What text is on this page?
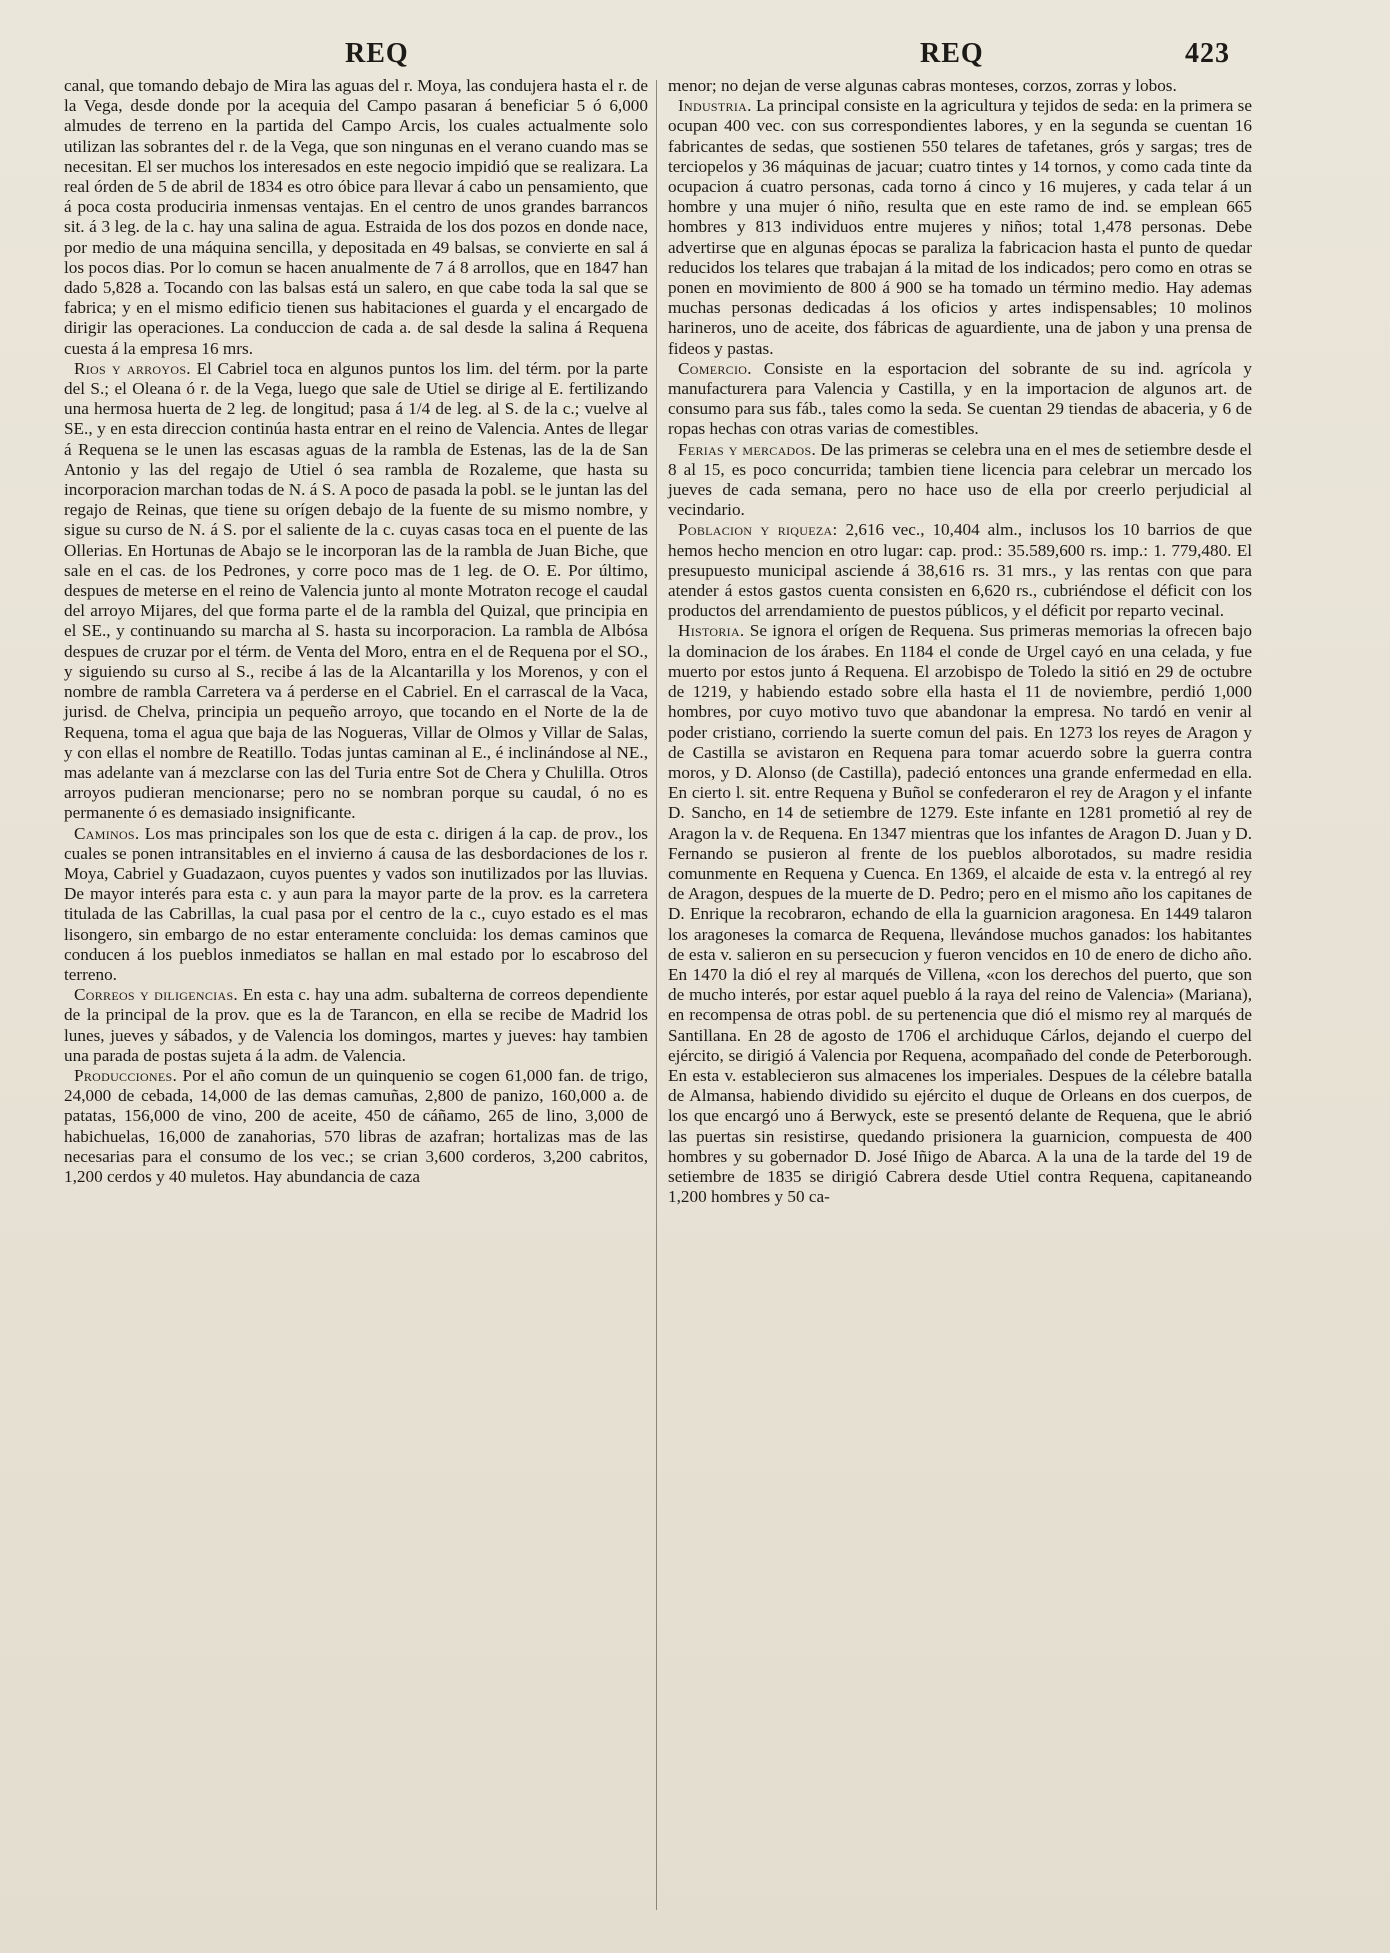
REQ	REQ	423

canal, que tomando debajo de Mira las aguas del r. Moya, las condujera hasta el r. de la Vega, desde donde por la acequia del Campo pasaran á beneficiar 5 ó 6,000 almudes de terreno en la partida del Campo Arcis, los cuales actualmente solo utilizan las sobrantes del r. de la Vega, que son ningunas en el verano cuando mas se necesitan. El ser muchos los interesados en este negocio impidió que se realizara. La real órden de 5 de abril de 1834 es otro óbice para llevar á cabo un pensamiento, que á poca costa produciria inmensas ventajas. En el centro de unos grandes barrancos sit. á 3 leg. de la c. hay una salina de agua. Estraida de los dos pozos en donde nace, por medio de una máquina sencilla, y depositada en 49 balsas, se convierte en sal á los pocos dias. Por lo comun se hacen anualmente de 7 á 8 arrollos, que en 1847 han dado 5,828 a. Tocando con las balsas está un salero, en que cabe toda la sal que se fabrica; y en el mismo edificio tienen sus habitaciones el guarda y el encargado de dirigir las operaciones. La conduccion de cada a. de sal desde la salina á Requena cuesta á la empresa 16 mrs.

Rios y arroyos. El Cabriel toca en algunos puntos los lim. del térm. por la parte del S.; el Oleana ó r. de la Vega, luego que sale de Utiel se dirige al E. fertilizando una hermosa huerta de 2 leg. de longitud; pasa á 1/4 de leg. al S. de la c.; vuelve al SE., y en esta direccion continúa hasta entrar en el reino de Valencia. Antes de llegar á Requena se le unen las escasas aguas de la rambla de Estenas, las de la de San Antonio y las del regajo de Utiel ó sea rambla de Rozaleme, que hasta su incorporacion marchan todas de N. á S. A poco de pasada la pobl. se le juntan las del regajo de Reinas, que tiene su orígen debajo de la fuente de su mismo nombre, y sigue su curso de N. á S. por el saliente de la c. cuyas casas toca en el puente de las Ollerias. En Hortunas de Abajo se le incorporan las de la rambla de Juan Biche, que sale en el cas. de los Pedrones, y corre poco mas de 1 leg. de O. E. Por último, despues de meterse en el reino de Valencia junto al monte Motraton recoge el caudal del arroyo Mijares, del que forma parte el de la rambla del Quizal, que principia en el SE., y continuando su marcha al S. hasta su incorporacion. La rambla de Albósa despues de cruzar por el térm. de Venta del Moro, entra en el de Requena por el SO., y siguiendo su curso al S., recibe á las de la Alcantarilla y los Morenos, y con el nombre de rambla Carretera va á perderse en el Cabriel. En el carrascal de la Vaca, jurisd. de Chelva, principia un pequeño arroyo, que tocando en el Norte de la de Requena, toma el agua que baja de las Nogueras, Villar de Olmos y Villar de Salas, y con ellas el nombre de Reatillo. Todas juntas caminan al E., é inclinándose al NE., mas adelante van á mezclarse con las del Turia entre Sot de Chera y Chulilla. Otros arroyos pudieran mencionarse; pero no se nombran porque su caudal, ó no es permanente ó es demasiado insignificante.

Caminos. Los mas principales son los que de esta c. dirigen á la cap. de prov., los cuales se ponen intransitables en el invierno á causa de las desbordaciones de los r. Moya, Cabriel y Guadazaon, cuyos puentes y vados son inutilizados por las lluvias. De mayor interés para esta c. y aun para la mayor parte de la prov. es la carretera titulada de las Cabrillas, la cual pasa por el centro de la c., cuyo estado es el mas lisongero, sin embargo de no estar enteramente concluida: los demas caminos que conducen á los pueblos inmediatos se hallan en mal estado por lo escabroso del terreno.

Correos y diligencias. En esta c. hay una adm. subalterna de correos dependiente de la principal de la prov. que es la de Tarancon, en ella se recibe de Madrid los lunes, jueves y sábados, y de Valencia los domingos, martes y jueves: hay tambien una parada de postas sujeta á la adm. de Valencia.

Producciones. Por el año comun de un quinquenio se cogen 61,000 fan. de trigo, 24,000 de cebada, 14,000 de las demas camuñas, 2,800 de panizo, 160,000 a. de patatas, 156,000 de vino, 200 de aceite, 450 de cáñamo, 265 de lino, 3,000 de habichuelas, 16,000 de zanahorias, 570 libras de azafran; hortalizas mas de las necesarias para el consumo de los vec.; se crian 3,600 corderos, 3,200 cabritos, 1,200 cerdos y 40 muletos. Hay abundancia de caza

menor; no dejan de verse algunas cabras monteses, corzos, zorras y lobos.

Industria. La principal consiste en la agricultura y tejidos de seda: en la primera se ocupan 400 vec. con sus correspondientes labores, y en la segunda se cuentan 16 fabricantes de sedas, que sostienen 550 telares de tafetanes, grós y sargas; tres de terciopelos y 36 máquinas de jacuar; cuatro tintes y 14 tornos, y como cada tinte da ocupacion á cuatro personas, cada torno á cinco y 16 mujeres, y cada telar á un hombre y una mujer ó niño, resulta que en este ramo de ind. se emplean 665 hombres y 813 individuos entre mujeres y niños; total 1,478 personas. Debe advertirse que en algunas épocas se paraliza la fabricacion hasta el punto de quedar reducidos los telares que trabajan á la mitad de los indicados; pero como en otras se ponen en movimiento de 800 á 900 se ha tomado un término medio. Hay ademas muchas personas dedicadas á los oficios y artes indispensables; 10 molinos harineros, uno de aceite, dos fábricas de aguardiente, una de jabon y una prensa de fideos y pastas.

Comercio. Consiste en la esportacion del sobrante de su ind. agrícola y manufacturera para Valencia y Castilla, y en la importacion de algunos art. de consumo para sus fáb., tales como la seda. Se cuentan 29 tiendas de abaceria, y 6 de ropas hechas con otras varias de comestibles.

Ferias y mercados. De las primeras se celebra una en el mes de setiembre desde el 8 al 15, es poco concurrida; tambien tiene licencia para celebrar un mercado los jueves de cada semana, pero no hace uso de ella por creerlo perjudicial al vecindario.

Poblacion y riqueza: 2,616 vec., 10,404 alm., inclusos los 10 barrios de que hemos hecho mencion en otro lugar: cap. prod.: 35.589,600 rs. imp.: 1. 779,480. El presupuesto municipal asciende á 38,616 rs. 31 mrs., y las rentas con que para atender á estos gastos cuenta consisten en 6,620 rs., cubriéndose el déficit con los productos del arrendamiento de puestos públicos, y el déficit por reparto vecinal.

Historia. Se ignora el orígen de Requena. Sus primeras memorias la ofrecen bajo la dominacion de los árabes. En 1184 el conde de Urgel cayó en una celada, y fue muerto por estos junto á Requena. El arzobispo de Toledo la sitió en 29 de octubre de 1219, y habiendo estado sobre ella hasta el 11 de noviembre, perdió 1,000 hombres, por cuyo motivo tuvo que abandonar la empresa. No tardó en venir al poder cristiano, corriendo la suerte comun del pais. En 1273 los reyes de Aragon y de Castilla se avistaron en Requena para tomar acuerdo sobre la guerra contra moros, y D. Alonso (de Castilla), padeció entonces una grande enfermedad en ella. En cierto l. sit. entre Requena y Buñol se confederaron el rey de Aragon y el infante D. Sancho, en 14 de setiembre de 1279. Este infante en 1281 prometió al rey de Aragon la v. de Requena. En 1347 mientras que los infantes de Aragon D. Juan y D. Fernando se pusieron al frente de los pueblos alborotados, su madre residia comunmente en Requena y Cuenca. En 1369, el alcaide de esta v. la entregó al rey de Aragon, despues de la muerte de D. Pedro; pero en el mismo año los capitanes de D. Enrique la recobraron, echando de ella la guarnicion aragonesa. En 1449 talaron los aragoneses la comarca de Requena, llevándose muchos ganados: los habitantes de esta v. salieron en su persecucion y fueron vencidos en 10 de enero de dicho año. En 1470 la dió el rey al marqués de Villena, «con los derechos del puerto, que son de mucho interés, por estar aquel pueblo á la raya del reino de Valencia» (Mariana), en recompensa de otras pobl. de su pertenencia que dió el mismo rey al marqués de Santillana. En 28 de agosto de 1706 el archiduque Cárlos, dejando el cuerpo del ejército, se dirigió á Valencia por Requena, acompañado del conde de Peterborough. En esta v. establecieron sus almacenes los imperiales. Despues de la célebre batalla de Almansa, habiendo dividido su ejército el duque de Orleans en dos cuerpos, de los que encargó uno á Berwyck, este se presentó delante de Requena, que le abrió las puertas sin resistirse, quedando prisionera la guarnicion, compuesta de 400 hombres y su gobernador D. José Iñigo de Abarca. A la una de la tarde del 19 de setiembre de 1835 se dirigió Cabrera desde Utiel contra Requena, capitaneando 1,200 hombres y 50 ca-
